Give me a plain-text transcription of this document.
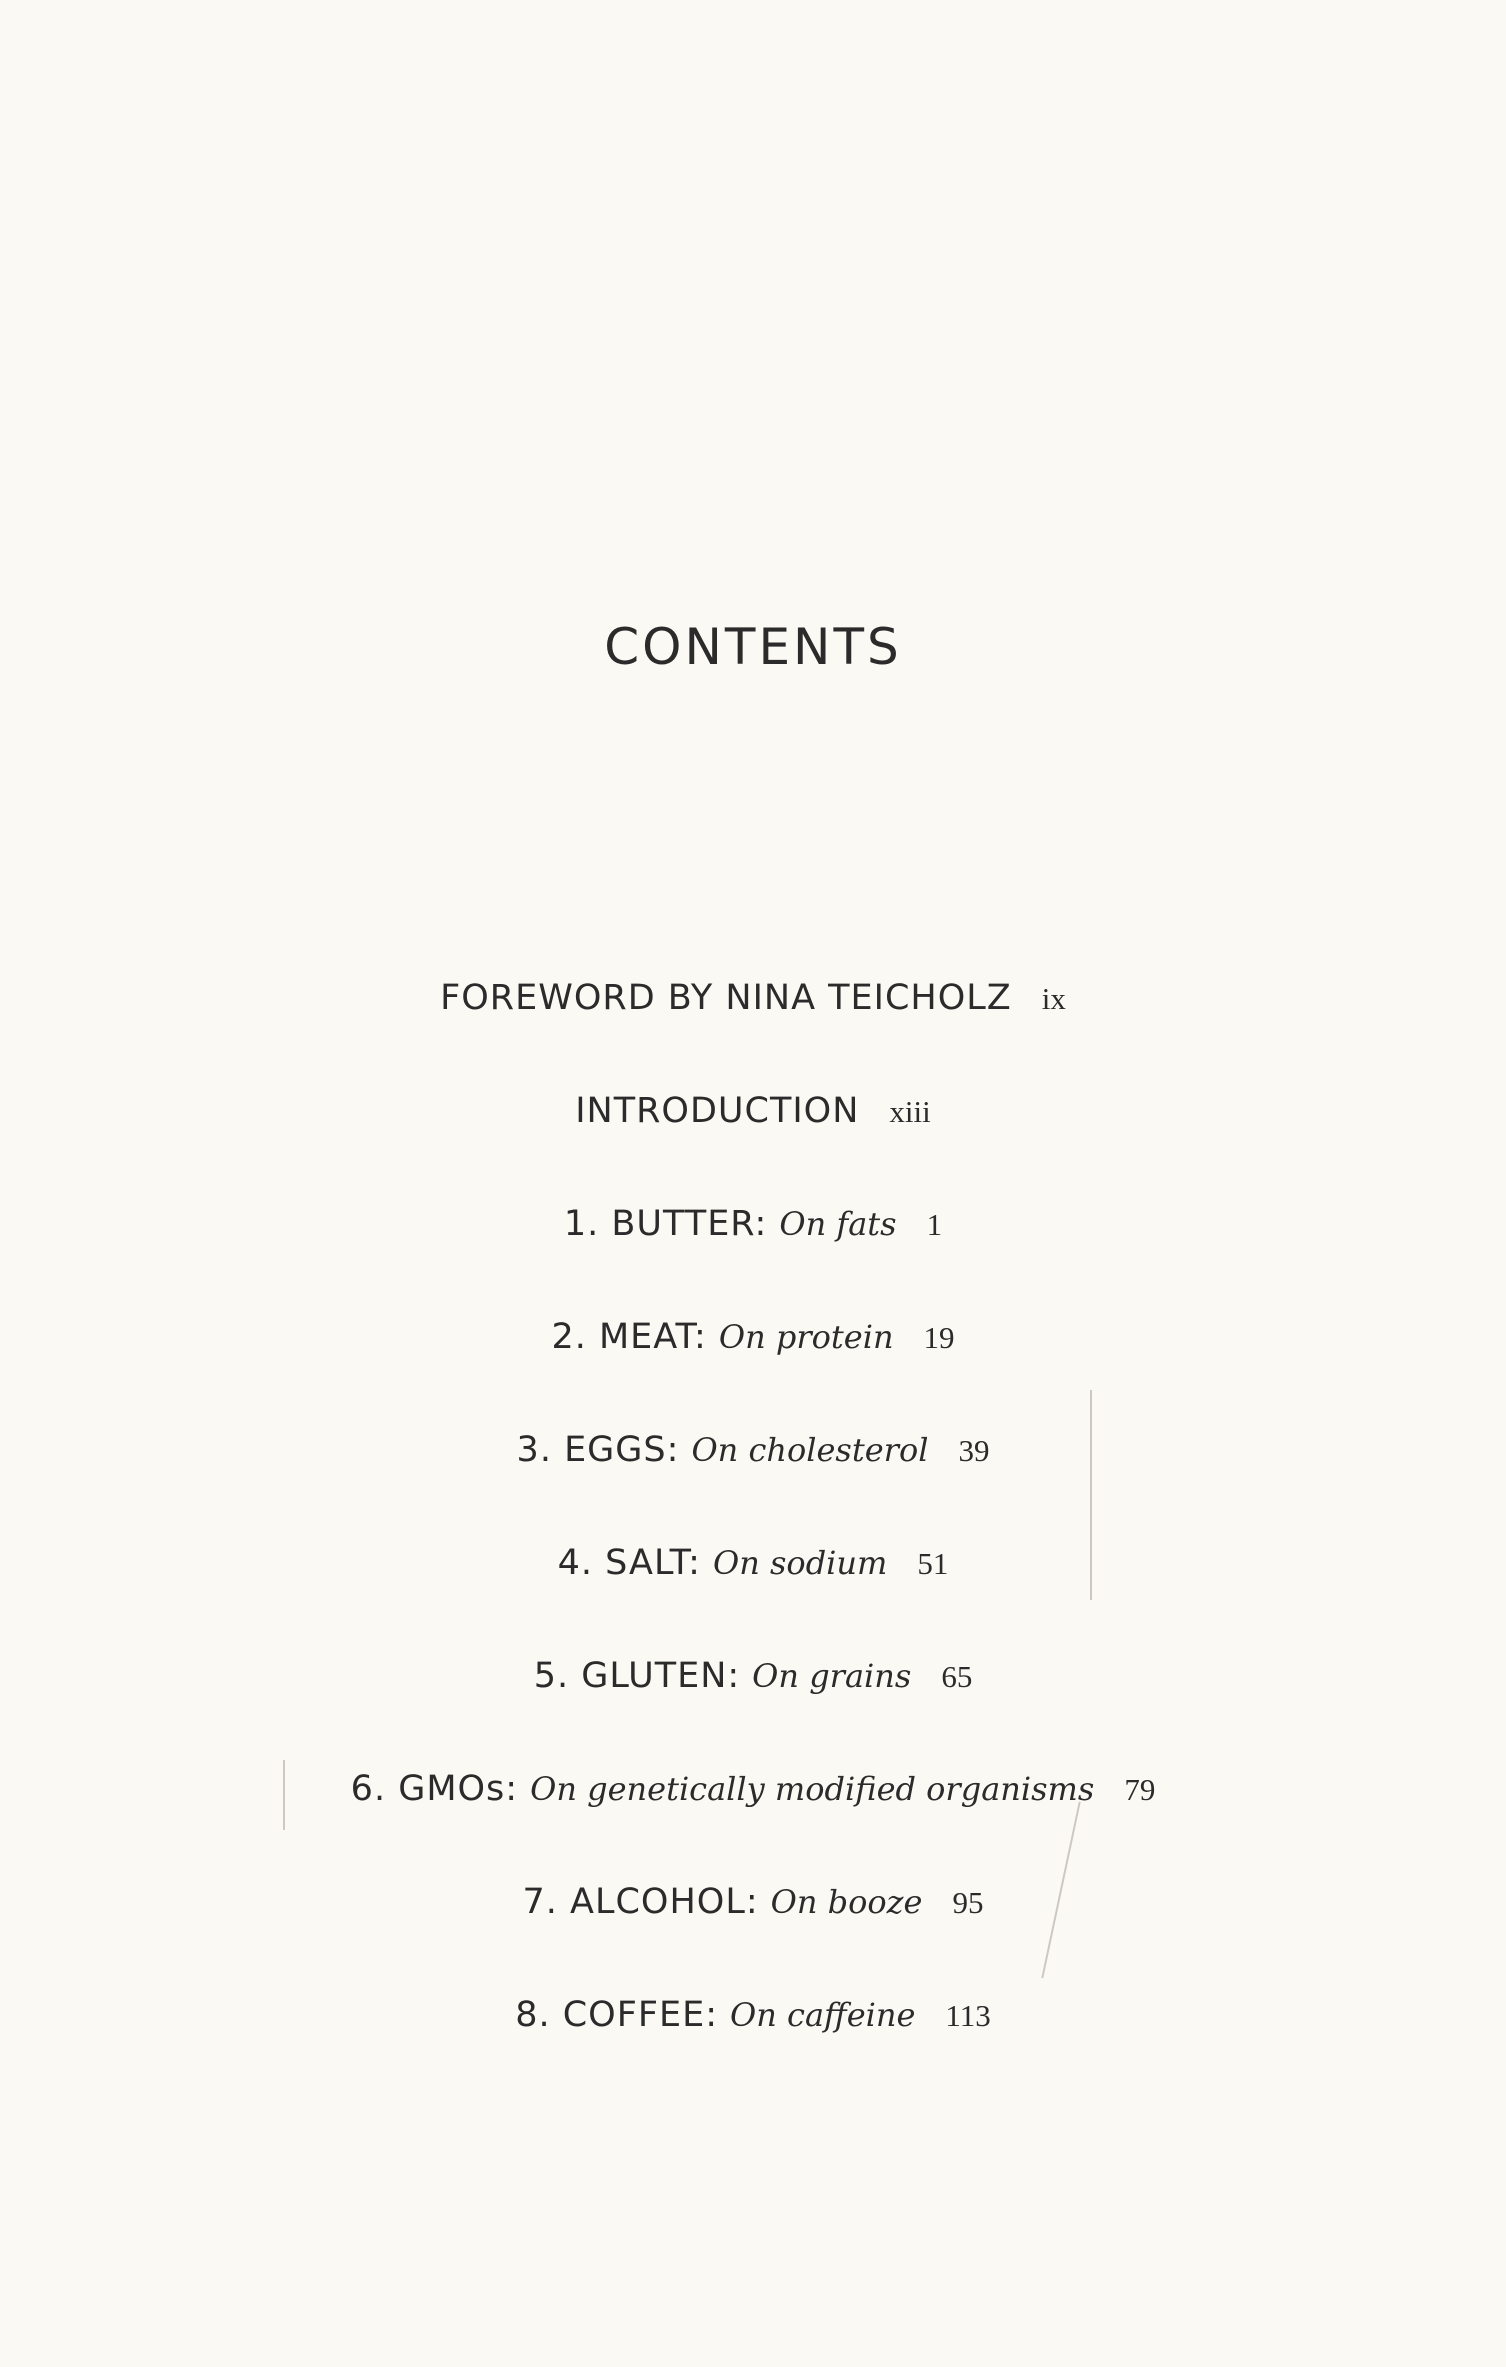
CONTENTS
FOREWORD BY NINA TEICHOLZ ix
INTRODUCTION xiii
1. BUTTER: On fats 1
2. MEAT: On protein 19
3. EGGS: On cholesterol 39
4. SALT: On sodium 51
5. GLUTEN: On grains 65
6. GMOs: On genetically modified organisms 79
7. ALCOHOL: On booze 95
8. COFFEE: On caffeine 113
